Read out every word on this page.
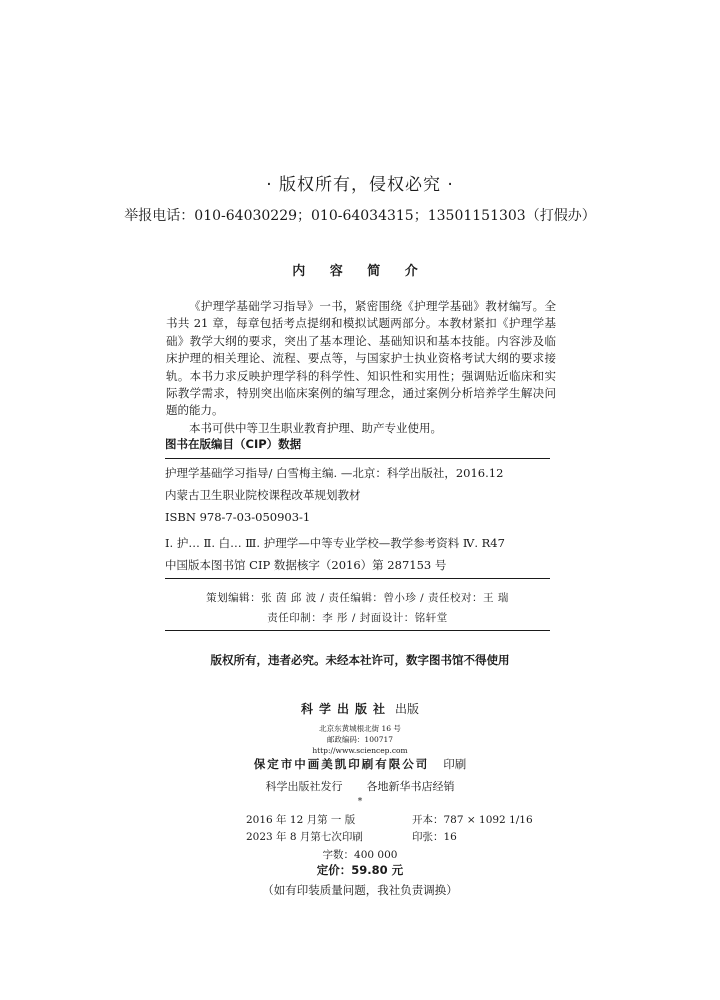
· 版权所有，侵权必究 ·
举报电话：010-64030229；010-64034315；13501151303（打假办）
内 容 简 介

《护理学基础学习指导》一书，紧密围绕《护理学基础》教材编写。全书共 21 章，每章包括考点提纲和模拟试题两部分。本教材紧扣《护理学基础》教学大纲的要求，突出了基本理论、基础知识和基本技能。内容涉及临床护理的相关理论、流程、要点等，与国家护士执业资格考试大纲的要求接轨。本书力求反映护理学科的科学性、知识性和实用性；强调贴近临床和实际教学需求，特别突出临床案例的编写理念，通过案例分析培养学生解决问题的能力。

本书可供中等卫生职业教育护理、助产专业使用。

图书在版编目（CIP）数据
护理学基础学习指导/ 白雪梅主编. —北京：科学出版社，2016.12
内蒙古卫生职业院校课程改革规划教材
ISBN 978-7-03-050903-1
Ⅰ. 护… Ⅱ. 白… Ⅲ. 护理学—中等专业学校—教学参考资料 Ⅳ. R47
中国版本图书馆 CIP 数据核字（2016）第 287153 号
策划编辑：张 茵 邱 波 / 责任编辑：曾小珍 / 责任校对：王 瑞
责任印制：李 彤 / 封面设计：铭轩堂
版权所有，违者必究。未经本社许可，数字图书馆不得使用
科学出版社 出版
北京东黄城根北街 16 号
邮政编码：100717
http://www.sciencep.com
保定市中画美凯印刷有限公司 印刷
科学出版社发行 各地新华书店经销
*
2016 年 12 月第 一 版	开本：787 × 1092 1/16
2023 年 8 月第七次印刷	印张：16
字数：400 000
定价：59.80 元
（如有印装质量问题，我社负责调换）
